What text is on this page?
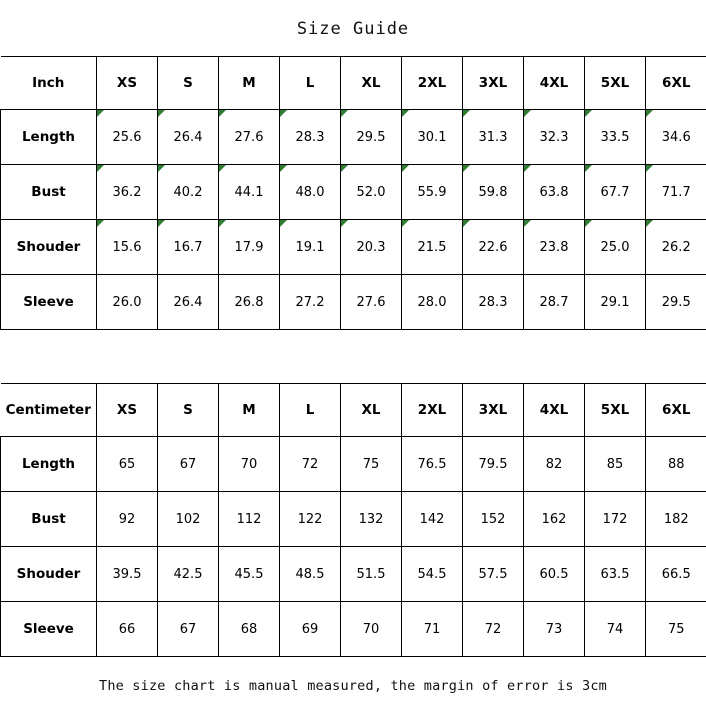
Size Guide
Inch	XS	S	M	L	XL	2XL	3XL	4XL	5XL	6XL
Length	25.6	26.4	27.6	28.3	29.5	30.1	31.3	32.3	33.5	34.6
Bust	36.2	40.2	44.1	48.0	52.0	55.9	59.8	63.8	67.7	71.7
Shouder	15.6	16.7	17.9	19.1	20.3	21.5	22.6	23.8	25.0	26.2
Sleeve	26.0	26.4	26.8	27.2	27.6	28.0	28.3	28.7	29.1	29.5
Centimeter	XS	S	M	L	XL	2XL	3XL	4XL	5XL	6XL
Length	65	67	70	72	75	76.5	79.5	82	85	88
Bust	92	102	112	122	132	142	152	162	172	182
Shouder	39.5	42.5	45.5	48.5	51.5	54.5	57.5	60.5	63.5	66.5
Sleeve	66	67	68	69	70	71	72	73	74	75
The size chart is manual measured, the margin of error is 3cm
